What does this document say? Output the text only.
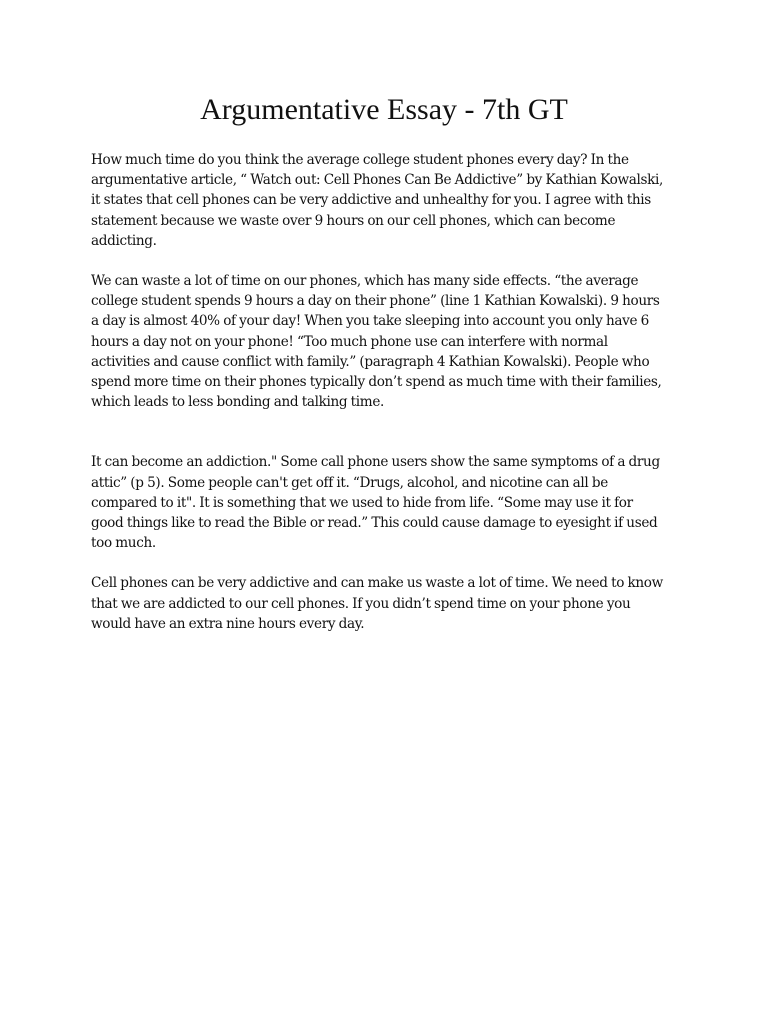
Argumentative Essay - 7th GT

How much time do you think the average college student phones every day? In the
argumentative article, “ Watch out: Cell Phones Can Be Addictive” by Kathian Kowalski,
it states that cell phones can be very addictive and unhealthy for you. I agree with this
statement because we waste over 9 hours on our cell phones, which can become
addicting.

We can waste a lot of time on our phones, which has many side effects. “the average
college student spends 9 hours a day on their phone” (line 1 Kathian Kowalski). 9 hours
a day is almost 40% of your day! When you take sleeping into account you only have 6
hours a day not on your phone! “Too much phone use can interfere with normal
activities and cause conflict with family.” (paragraph 4 Kathian Kowalski). People who
spend more time on their phones typically don’t spend as much time with their families,
which leads to less bonding and talking time.

It can become an addiction." Some call phone users show the same symptoms of a drug
attic” (p 5). Some people can't get off it. “Drugs, alcohol, and nicotine can all be
compared to it". It is something that we used to hide from life. “Some may use it for
good things like to read the Bible or read.” This could cause damage to eyesight if used
too much.

Cell phones can be very addictive and can make us waste a lot of time. We need to know
that we are addicted to our cell phones. If you didn’t spend time on your phone you
would have an extra nine hours every day.
